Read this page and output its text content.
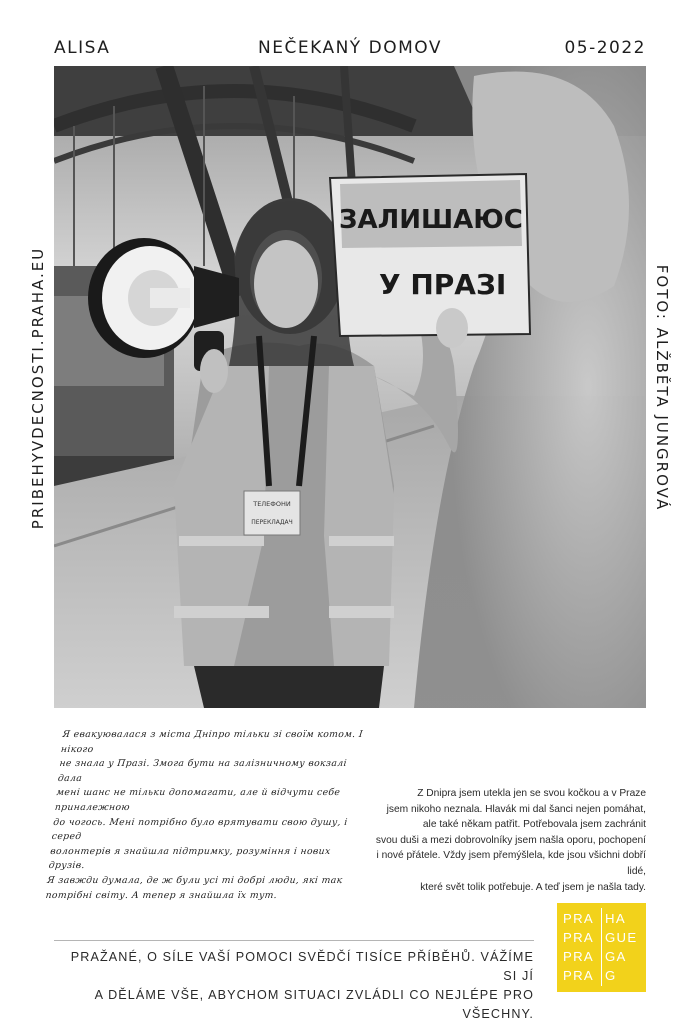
ALISA	NEČEKANÝ DOMOV	05-2022
PRIBEHYVDECNOSTI.PRAHA.EU	FOTO: ALŽBĚTA JUNGROVÁ
ТЕЛЕФОНИ
ПЕРЕКЛАДАЧ
ЗАЛИШАЮС
У ПРАЗІ
Я евакуювалася з міста Дніпро тільки зі своїм котом. І нікого
не знала у Празі. Змога бути на залізничному вокзалі дала
мені шанс не тільки допомагати, але й відчути себе приналежною
до чогось. Мені потрібно було врятувати свою душу, і серед
волонтерів я знайшла підтримку, розуміння і нових друзів.
Я завжди думала, де ж були усі ті добрі люди, які так
потрібні світу. А тепер я знайшла їх тут.
Z Dnipra jsem utekla jen se svou kočkou a v Praze
jsem nikoho neznala. Hlavák mi dal šanci nejen pomáhat,
ale také někam patřit. Potřebovala jsem zachránit
svou duši a mezi dobrovolníky jsem našla oporu, pochopení
i nové přátele. Vždy jsem přemýšlela, kde jsou všichni dobří lidé,
které svět tolik potřebuje. A teď jsem je našla tady.
PRAŽANÉ, O SÍLE VAŠÍ POMOCI SVĚDČÍ TISÍCE PŘÍBĚHŮ. VÁŽÍME SI JÍ
A DĚLÁME VŠE, ABYCHOM SITUACI ZVLÁDLI CO NEJLÉPE PRO VŠECHNY.
PRA
PRA
PRA
PRA
HA
GUE
GA
G
